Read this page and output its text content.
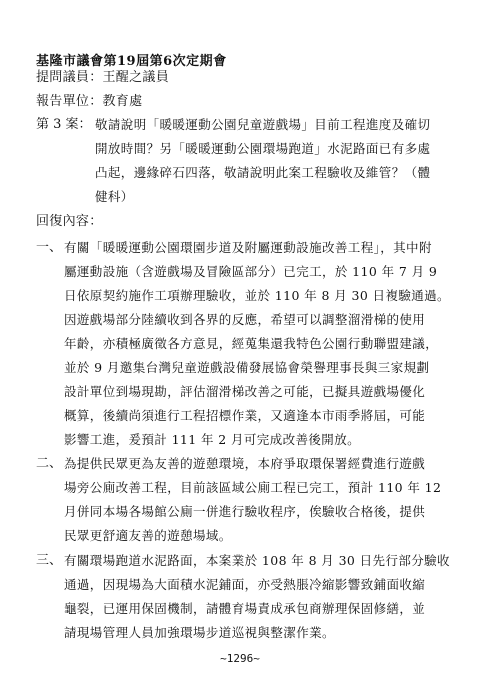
基隆市議會第19屆第6次定期會
提問議員：王醒之議員
報告單位：教育處
第 3 案： 敬請說明「暖暖運動公園兒童遊戲場」目前工程進度及確切
開放時間？另「暖暖運動公園環場跑道」水泥路面已有多處
凸起，邊緣碎石四落，敬請說明此案工程驗收及維管？（體
健科）
回復內容：
一、 有關「暖暖運動公園環園步道及附屬運動設施改善工程」，其中附
屬運動設施（含遊戲場及冒險區部分）已完工，於 110 年 7 月 9
日依原契約施作工項辦理驗收，並於 110 年 8 月 30 日複驗通過。
因遊戲場部分陸續收到各界的反應，希望可以調整溜滑梯的使用
年齡，亦積極廣徵各方意見，經蒐集還我特色公園行動聯盟建議，
並於 9 月邀集台灣兒童遊戲設備發展協會榮譽理事長與三家規劃
設計單位到場現勘，評估溜滑梯改善之可能，已擬具遊戲場優化
概算，後續尚須進行工程招標作業，又適逢本市雨季將屆，可能
影響工進，爰預計 111 年 2 月可完成改善後開放。
二、 為提供民眾更為友善的遊憩環境，本府爭取環保署經費進行遊戲
場旁公廁改善工程，目前該區域公廁工程已完工，預計 110 年 12
月併同本場各場館公廁一併進行驗收程序，俟驗收合格後，提供
民眾更舒適友善的遊憩場域。
三、 有關環場跑道水泥路面，本案業於 108 年 8 月 30 日先行部分驗收
通過，因現場為大面積水泥鋪面，亦受熱脹冷縮影響致鋪面收縮
龜裂，已運用保固機制，請體育場責成承包商辦理保固修繕，並
請現場管理人員加強環場步道巡視與整潔作業。
~1296~
